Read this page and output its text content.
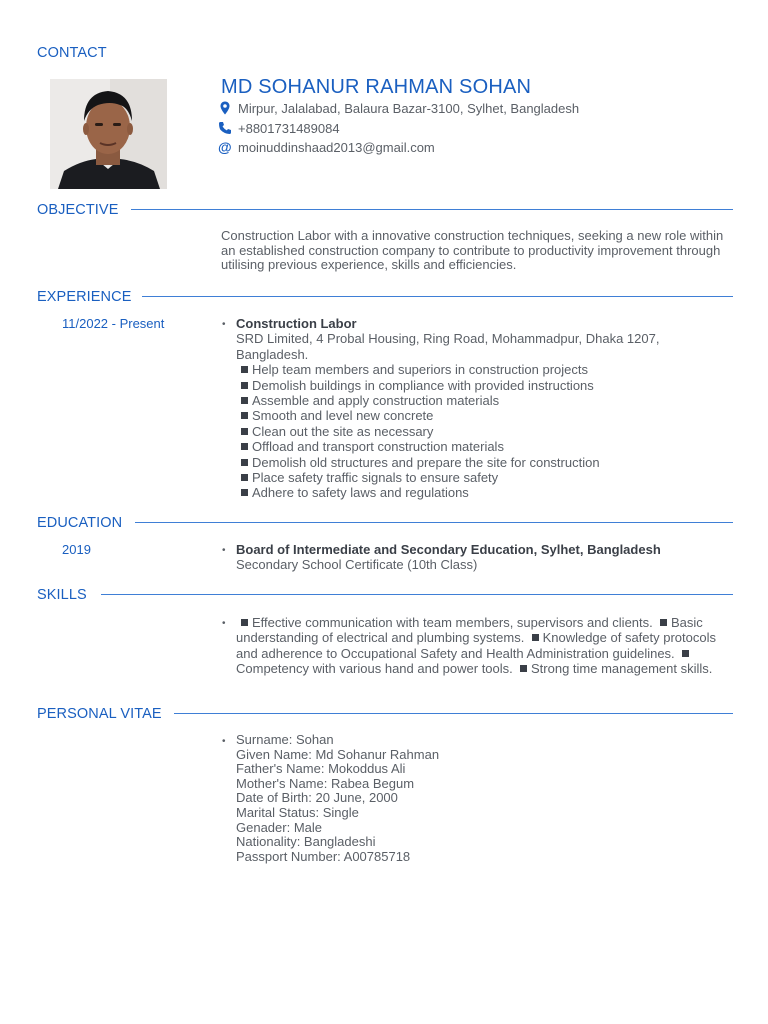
CONTACT
MD SOHANUR RAHMAN SOHAN
Mirpur, Jalalabad, Balaura Bazar-3100, Sylhet, Bangladesh
+8801731489084
@ moinuddinshaad2013@gmail.com
OBJECTIVE
Construction Labor with a innovative construction techniques, seeking a new role within an established construction company to contribute to productivity improvement through utilising previous experience, skills and efficiencies.
EXPERIENCE
11/2022 - Present	• Construction Labor
SRD Limited, 4 Probal Housing, Ring Road, Mohammadpur, Dhaka 1207, Bangladesh.
Help team members and superiors in construction projects
Demolish buildings in compliance with provided instructions
Assemble and apply construction materials
Smooth and level new concrete
Clean out the site as necessary
Offload and transport construction materials
Demolish old structures and prepare the site for construction
Place safety traffic signals to ensure safety
Adhere to safety laws and regulations
EDUCATION
2019	• Board of Intermediate and Secondary Education, Sylhet, Bangladesh
Secondary School Certificate (10th Class)
SKILLS
•	Effective communication with team members, supervisors and clients. Basic understanding of electrical and plumbing systems. Knowledge of safety protocols and adherence to Occupational Safety and Health Administration guidelines.  Competency with various hand and power tools. Strong time management skills.
PERSONAL VITAE
• Surname: Sohan
Given Name: Md Sohanur Rahman
Father's Name: Mokoddus Ali
Mother's Name: Rabea Begum
Date of Birth: 20 June, 2000
Marital Status: Single
Genader: Male
Nationality: Bangladeshi
Passport Number: A00785718
